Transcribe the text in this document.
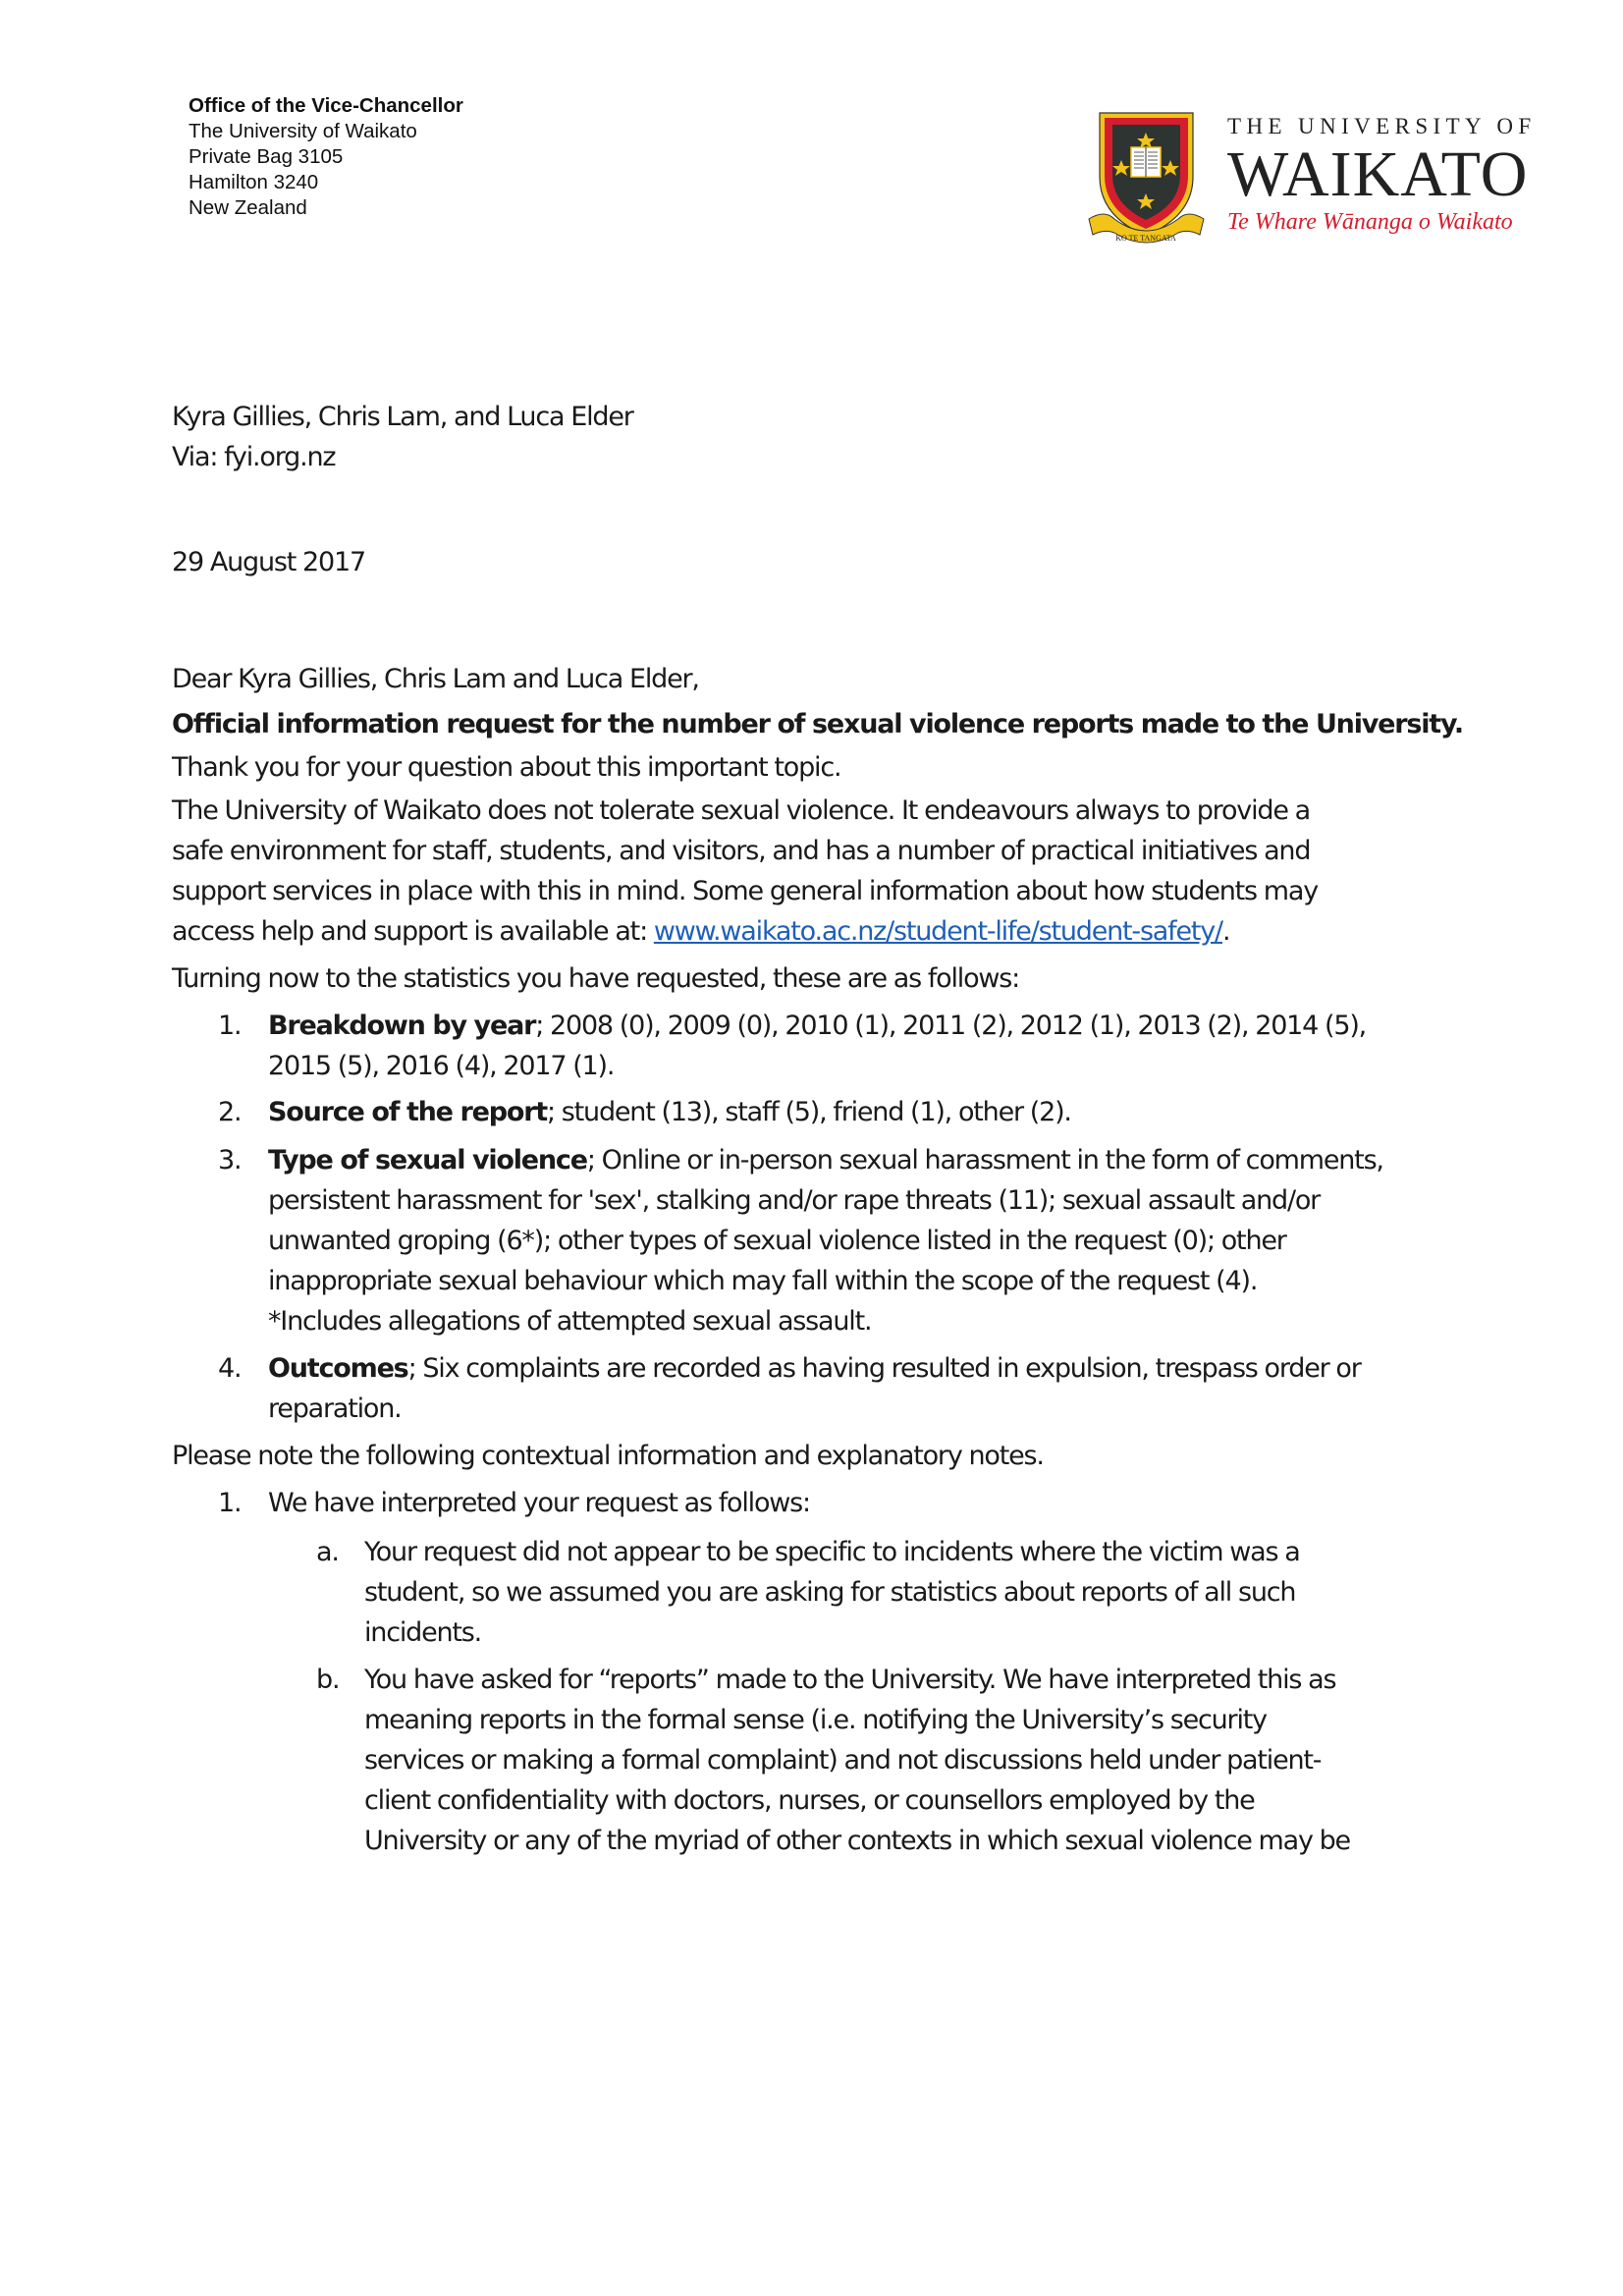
Office of the Vice-Chancellor
The University of Waikato
Private Bag 3105
Hamilton 3240
New Zealand
KO TE TANGATA
THE UNIVERSITY OF
WAIKATO
Te Whare Wānanga o Waikato
Kyra Gillies, Chris Lam, and Luca Elder
Via: fyi.org.nz
29 August 2017
Dear Kyra Gillies, Chris Lam and Luca Elder,
Official information request for the number of sexual violence reports made to the University.
Thank you for your question about this important topic.
The University of Waikato does not tolerate sexual violence. It endeavours always to provide a
safe environment for staff, students, and visitors, and has a number of practical initiatives and
support services in place with this in mind. Some general information about how students may
access help and support is available at: www.waikato.ac.nz/student-life/student-safety/.
Turning now to the statistics you have requested, these are as follows:
1. Breakdown by year; 2008 (0), 2009 (0), 2010 (1), 2011 (2), 2012 (1), 2013 (2), 2014 (5),
2015 (5), 2016 (4), 2017 (1).
2. Source of the report; student (13), staff (5), friend (1), other (2).
3. Type of sexual violence; Online or in-person sexual harassment in the form of comments,
persistent harassment for 'sex', stalking and/or rape threats (11); sexual assault and/or
unwanted groping (6*); other types of sexual violence listed in the request (0); other
inappropriate sexual behaviour which may fall within the scope of the request (4).
*Includes allegations of attempted sexual assault.
4. Outcomes; Six complaints are recorded as having resulted in expulsion, trespass order or
reparation.
Please note the following contextual information and explanatory notes.
1. We have interpreted your request as follows:
a. Your request did not appear to be specific to incidents where the victim was a
student, so we assumed you are asking for statistics about reports of all such
incidents.
b. You have asked for “reports” made to the University. We have interpreted this as
meaning reports in the formal sense (i.e. notifying the University’s security
services or making a formal complaint) and not discussions held under patient-
client confidentiality with doctors, nurses, or counsellors employed by the
University or any of the myriad of other contexts in which sexual violence may be
